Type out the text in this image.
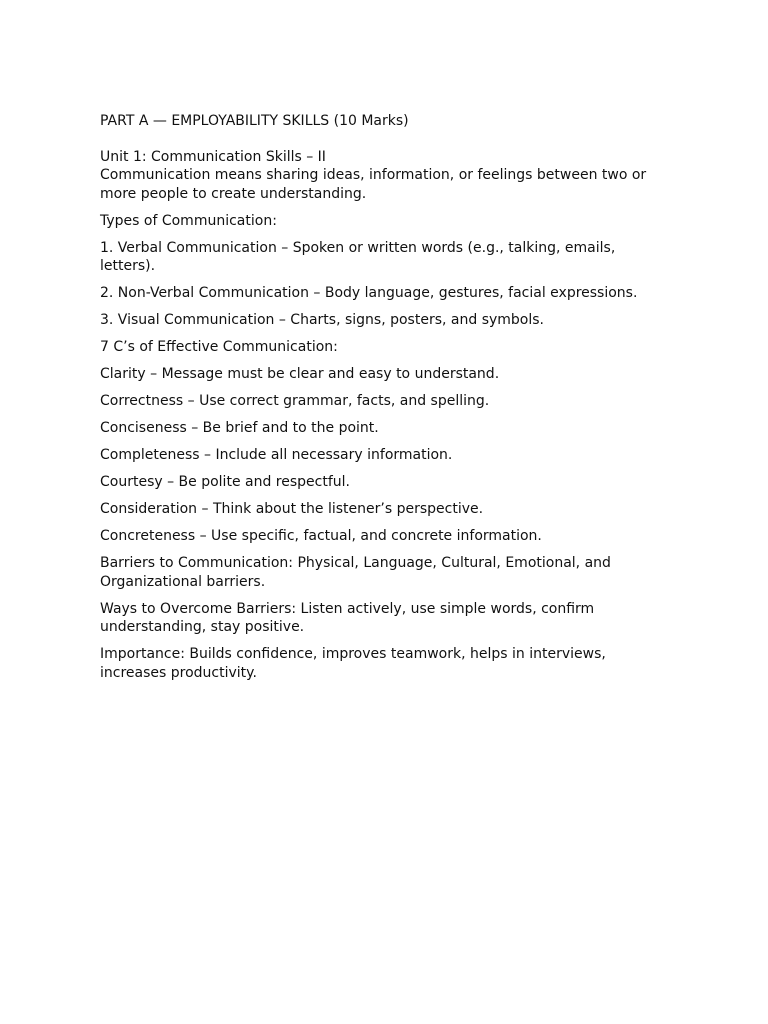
PART A — EMPLOYABILITY SKILLS (10 Marks)

Unit 1: Communication Skills – II

Communication means sharing ideas, information, or feelings between two or more people to create understanding.

Types of Communication:

1. Verbal Communication – Spoken or written words (e.g., talking, emails, letters).

2. Non-Verbal Communication – Body language, gestures, facial expressions.

3. Visual Communication – Charts, signs, posters, and symbols.

7 C’s of Effective Communication:

Clarity – Message must be clear and easy to understand.

Correctness – Use correct grammar, facts, and spelling.

Conciseness – Be brief and to the point.

Completeness – Include all necessary information.

Courtesy – Be polite and respectful.

Consideration – Think about the listener’s perspective.

Concreteness – Use specific, factual, and concrete information.

Barriers to Communication: Physical, Language, Cultural, Emotional, and Organizational barriers.

Ways to Overcome Barriers: Listen actively, use simple words, confirm understanding, stay positive.

Importance: Builds confidence, improves teamwork, helps in interviews, increases productivity.
